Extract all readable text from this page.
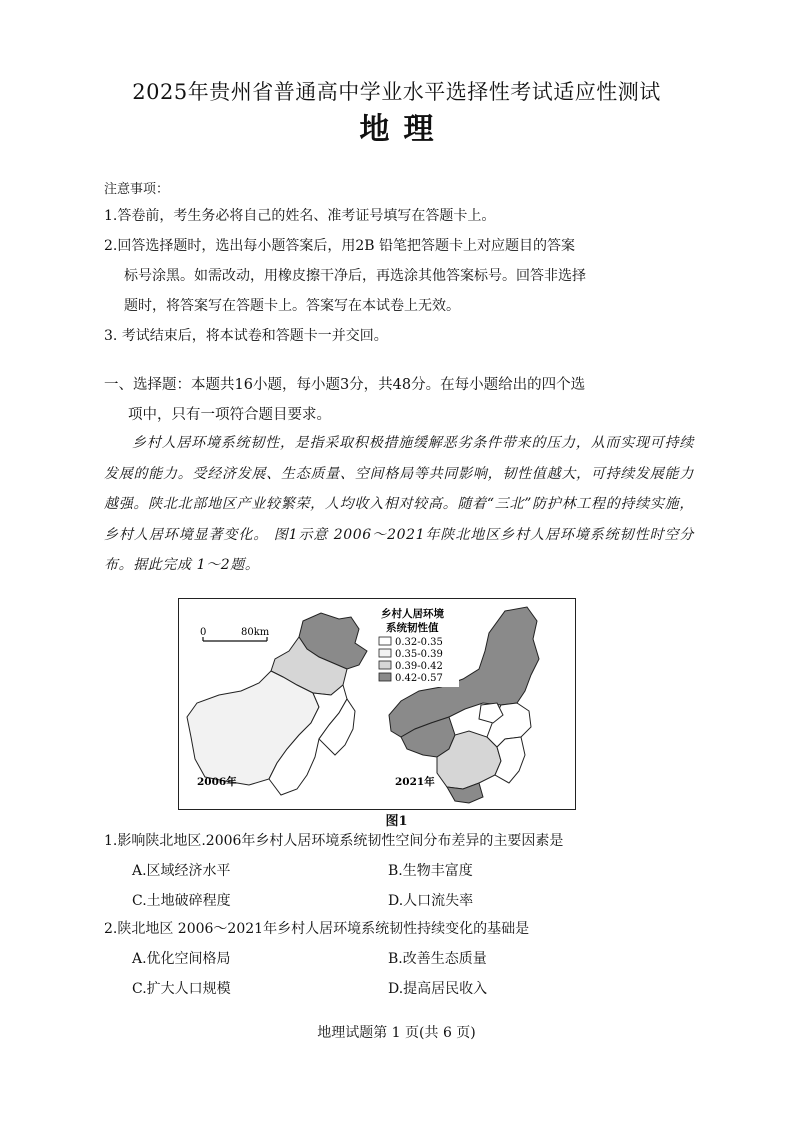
2025年贵州省普通高中学业水平选择性考试适应性测试
地理

注意事项：

1.答卷前，考生务必将自己的姓名、准考证号填写在答题卡上。

2.回答选择题时，选出每小题答案后，用2B 铅笔把答题卡上对应题目的答案

标号涂黑。如需改动，用橡皮擦干净后，再选涂其他答案标号。回答非选择

题时，将答案写在答题卡上。答案写在本试卷上无效。

3. 考试结束后，将本试卷和答题卡一并交回。

一、选择题：本题共16小题，每小题3分，共48分。在每小题给出的四个选

项中，只有一项符合题目要求。

乡村人居环境系统韧性，是指采取积极措施缓解恶劣条件带来的压力，从而实现可持续发展的能力。受经济发展、生态质量、空间格局等共同影响，韧性值越大，可持续发展能力越强。陕北北部地区产业较繁荣，人均收入相对较高。随着“三北”防护林工程的持续实施， 乡村人居环境显著变化。 图1示意 2006～2021年陕北地区乡村人居环境系统韧性时空分布。据此完成 1～2题。

0	80km
2006年	2021年
乡村人居环境
系统韧性值
0.32-0.35
0.35-0.39
0.39-0.42
0.42-0.57
图1

1.影响陕北地区.2006年乡村人居环境系统韧性空间分布差异的主要因素是

A.区域经济水平	B.生物丰富度
C.土地破碎程度	D.人口流失率

2.陕北地区 2006～2021年乡村人居环境系统韧性持续变化的基础是

A.优化空间格局	B.改善生态质量
C.扩大人口规模	D.提高居民收入
地理试题第 1 页(共 6 页)
